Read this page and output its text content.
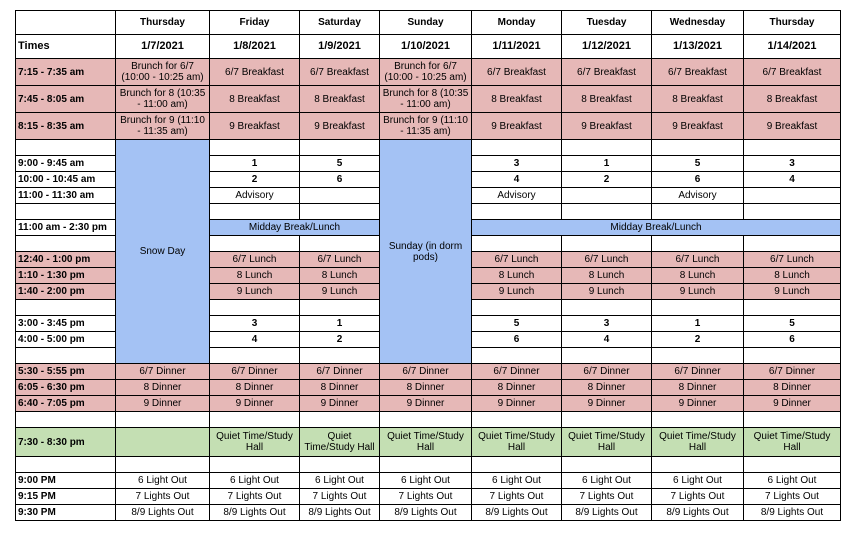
	Thursday	Friday	Saturday	Sunday	Monday	Tuesday	Wednesday	Thursday
Times	1/7/2021	1/8/2021	1/9/2021	1/10/2021	1/11/2021	1/12/2021	1/13/2021	1/14/2021
7:15 - 7:35 am	Brunch for 6/7 (10:00 - 10:25 am)	6/7 Breakfast	6/7 Breakfast	Brunch for 6/7 (10:00 - 10:25 am)	6/7 Breakfast	6/7 Breakfast	6/7 Breakfast	6/7 Breakfast
7:45 - 8:05 am	Brunch for 8 (10:35 - 11:00 am)	8 Breakfast	8 Breakfast	Brunch for 8 (10:35 - 11:00 am)	8 Breakfast	8 Breakfast	8 Breakfast	8 Breakfast
8:15 - 8:35 am	Brunch for 9 (11:10 - 11:35 am)	9 Breakfast	9 Breakfast	Brunch for 9 (11:10 - 11:35 am)	9 Breakfast	9 Breakfast	9 Breakfast	9 Breakfast
	Snow Day			Sunday (in dorm pods)				
9:00 - 9:45 am		1	5		3	1	5	3
10:00 - 10:45 am		2	6		4	2	6	4
11:00 - 11:30 am		Advisory			Advisory		Advisory	

11:00 am - 2:30 pm		Midday Break/Lunch			Midday Break/Lunch			

12:40 - 1:00 pm		6/7 Lunch	6/7 Lunch		6/7 Lunch	6/7 Lunch	6/7 Lunch	6/7 Lunch
1:10 - 1:30 pm		8 Lunch	8 Lunch		8 Lunch	8 Lunch	8 Lunch	8 Lunch
1:40 - 2:00 pm		9 Lunch	9 Lunch		9 Lunch	9 Lunch	9 Lunch	9 Lunch

3:00 - 3:45 pm		3	1		5	3	1	5
4:00 - 5:00 pm		4	2		6	4	2	6

5:30 - 5:55 pm	6/7 Dinner	6/7 Dinner	6/7 Dinner	6/7 Dinner	6/7 Dinner	6/7 Dinner	6/7 Dinner	6/7 Dinner
6:05 - 6:30 pm	8 Dinner	8 Dinner	8 Dinner	8 Dinner	8 Dinner	8 Dinner	8 Dinner	8 Dinner
6:40 - 7:05 pm	9 Dinner	9 Dinner	9 Dinner	9 Dinner	9 Dinner	9 Dinner	9 Dinner	9 Dinner

7:30 - 8:30 pm		Quiet Time/Study Hall	Quiet Time/Study Hall	Quiet Time/Study Hall	Quiet Time/Study Hall	Quiet Time/Study Hall	Quiet Time/Study Hall	Quiet Time/Study Hall

9:00 PM	6 Light Out	6 Light Out	6 Light Out	6 Light Out	6 Light Out	6 Light Out	6 Light Out	6 Light Out
9:15 PM	7 Lights Out	7 Lights Out	7 Lights Out	7 Lights Out	7 Lights Out	7 Lights Out	7 Lights Out	7 Lights Out
9:30 PM	8/9 Lights Out	8/9 Lights Out	8/9 Lights Out	8/9 Lights Out	8/9 Lights Out	8/9 Lights Out	8/9 Lights Out	8/9 Lights Out
